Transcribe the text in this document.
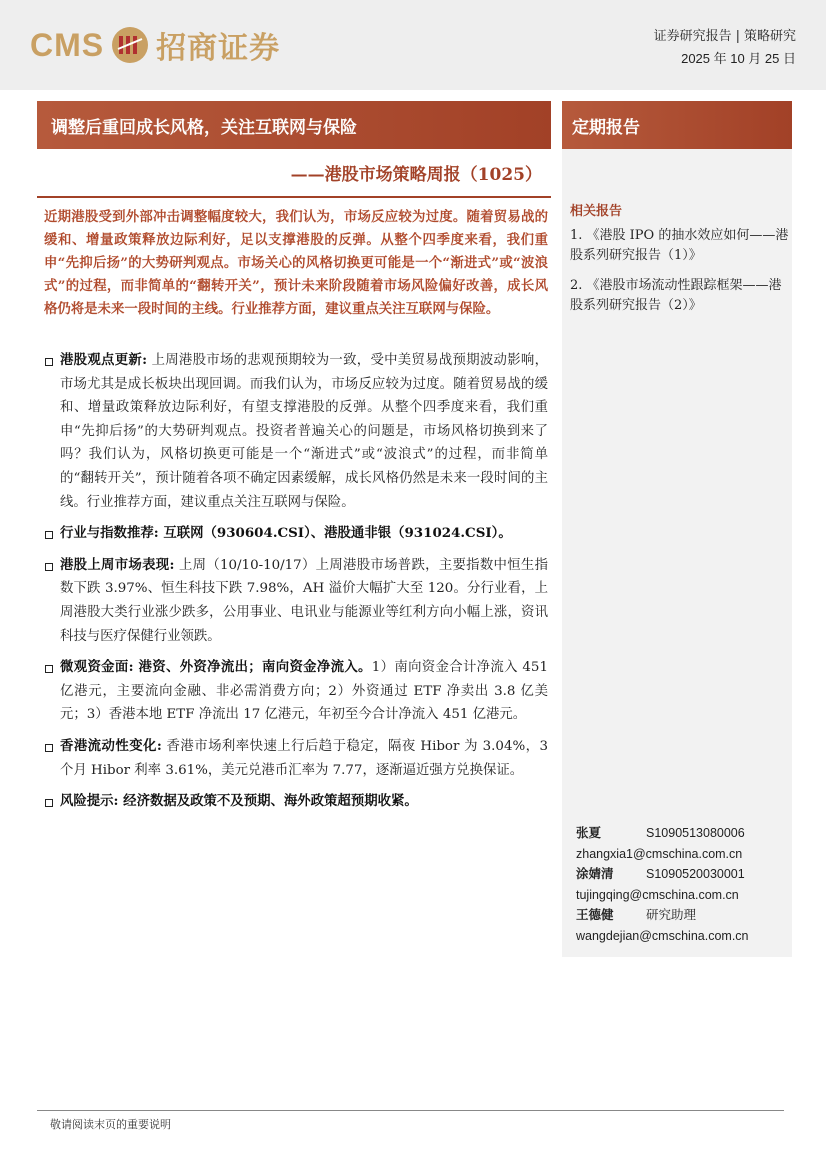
CMS 招商证券	证券研究报告 | 策略研究
2025 年 10 月 25 日
调整后重回成长风格，关注互联网与保险
——港股市场策略周报（1025）
定期报告
相关报告
1. 《港股 IPO 的抽水效应如何——港股系列研究报告（1）》
2. 《港股市场流动性跟踪框架——港股系列研究报告（2）》
近期港股受到外部冲击调整幅度较大，我们认为，市场反应较为过度。随着贸易战的缓和、增量政策释放边际利好，足以支撑港股的反弹。从整个四季度来看，我们重申“先抑后扬”的大势研判观点。市场关心的风格切换更可能是一个“渐进式”或“波浪式”的过程，而非简单的“翻转开关”，预计未来阶段随着市场风险偏好改善，成长风格仍将是未来一段时间的主线。行业推荐方面，建议重点关注互联网与保险。
港股观点更新: 上周港股市场的悲观预期较为一致，受中美贸易战预期波动影响，市场尤其是成长板块出现回调。而我们认为，市场反应较为过度。随着贸易战的缓和、增量政策释放边际利好，有望支撑港股的反弹。从整个四季度来看，我们重申“先抑后扬”的大势研判观点。投资者普遍关心的问题是，市场风格切换到来了吗？我们认为，风格切换更可能是一个“渐进式”或“波浪式”的过程，而非简单的“翻转开关”，预计随着各项不确定因素缓解，成长风格仍然是未来一段时间的主线。行业推荐方面，建议重点关注互联网与保险。
行业与指数推荐: 互联网（930604.CSI）、港股通非银（931024.CSI）。
港股上周市场表现: 上周（10/10-10/17）上周港股市场普跌，主要指数中恒生指数下跌 3.97%、恒生科技下跌 7.98%，AH 溢价大幅扩大至 120。分行业看，上周港股大类行业涨少跌多，公用事业、电讯业与能源业等红利方向小幅上涨，资讯科技与医疗保健行业领跌。
微观资金面: 港资、外资净流出；南向资金净流入。1）南向资金合计净流入 451 亿港元，主要流向金融、非必需消费方向；2）外资通过 ETF 净卖出 3.8 亿美元；3）香港本地 ETF 净流出 17 亿港元，年初至今合计净流入 451 亿港元。
香港流动性变化: 香港市场利率快速上行后趋于稳定，隔夜 Hibor 为 3.04%，3 个月 Hibor 利率 3.61%，美元兑港币汇率为 7.77，逐渐逼近强方兑换保证。
风险提示: 经济数据及政策不及预期、海外政策超预期收紧。
张夏	S1090513080006
zhangxia1@cmschina.com.cn
涂婧清	S1090520030001
tujingqing@cmschina.com.cn
王德健	研究助理
wangdejian@cmschina.com.cn
敬请阅读末页的重要说明
